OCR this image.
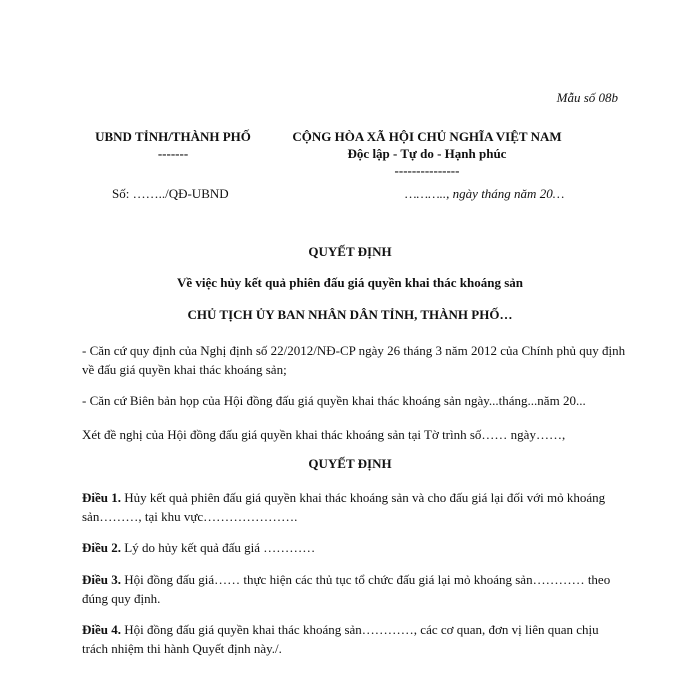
Mẫu số 08b
UBND TỈNH/THÀNH PHỐ
-------
CỘNG HÒA XÃ HỘI CHỦ NGHĨA VIỆT NAM
Độc lập - Tự do - Hạnh phúc
---------------
Số: ……../QĐ-UBND	……….., ngày tháng năm 20…
QUYẾT ĐỊNH
Về việc hủy kết quả phiên đấu giá quyền khai thác khoáng sản
CHỦ TỊCH ỦY BAN NHÂN DÂN TỈNH, THÀNH PHỐ…
- Căn cứ quy định của Nghị định số 22/2012/NĐ-CP ngày 26 tháng 3 năm 2012 của Chính phủ quy định về đấu giá quyền khai thác khoáng sản;
- Căn cứ Biên bản họp của Hội đồng đấu giá quyền khai thác khoáng sản ngày...tháng...năm 20...
Xét đề nghị của Hội đồng đấu giá quyền khai thác khoáng sản tại Tờ trình số…… ngày……,
QUYẾT ĐỊNH
Điều 1. Hủy kết quả phiên đấu giá quyền khai thác khoáng sản và cho đấu giá lại đối với mỏ khoáng sản………, tại khu vực………………….
Điều 2. Lý do hủy kết quả đấu giá …………
Điều 3. Hội đồng đấu giá…… thực hiện các thủ tục tổ chức đấu giá lại mỏ khoáng sản………… theo đúng quy định.
Điều 4. Hội đồng đấu giá quyền khai thác khoáng sản…………, các cơ quan, đơn vị liên quan chịu trách nhiệm thi hành Quyết định này./.
